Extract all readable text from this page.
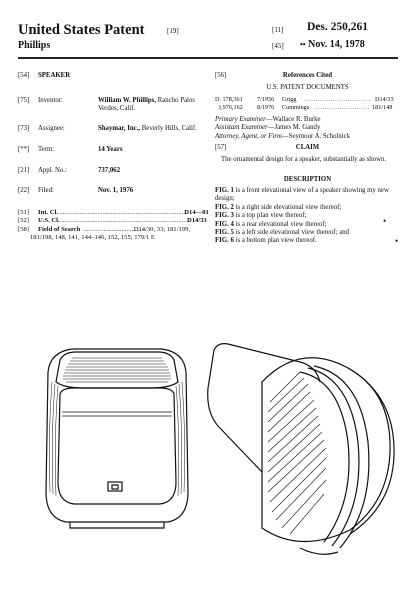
United States Patent	[19]
Phillips
[11] Des. 250,261
[45] •• Nov. 14, 1978
[54] SPEAKER
[75] Inventor:	William W. Phillips, Rancho Palos Verdes, Calif.
[73] Assignee:	Shaymar, Inc., Beverly Hills, Calif.
[**] Term:	14 Years
[21] Appl. No.:	737,062
[22] Filed:	Nov. 1, 1976
[51] Int. Cl. .............................................................................. D14—01
[52] U.S. Cl. .............................................................................. D14/33
[58] Field of Search ....................................... D14/30, 33; 181/199,
181/198, 148, 141, 144–146, 152, 155; 179/1 E
[56]	References Cited
U.S. PATENT DOCUMENTS
D. 178,361 7/1956 Grigg ............................... D14/33
3,976,162 8/1976 Cummings .......................... 181/148
Primary Examiner—Wallace R. Burke
Assistant Examiner—James M. Gandy
Attorney, Agent, or Firm—Seymour A. Scholnick
[57]	CLAIM
The ornamental design for a speaker, substantially as shown.
DESCRIPTION
FIG. 1 is a front elevational view of a speaker showing my new design;
FIG. 2 is a right side elevational view thereof;
FIG. 3 is a top plan view thereof;
FIG. 4 is a rear elevational view thereof;
FIG. 5 is a left side elevational view thereof; and
FIG. 6 is a bottom plan view thereof.
•
•
